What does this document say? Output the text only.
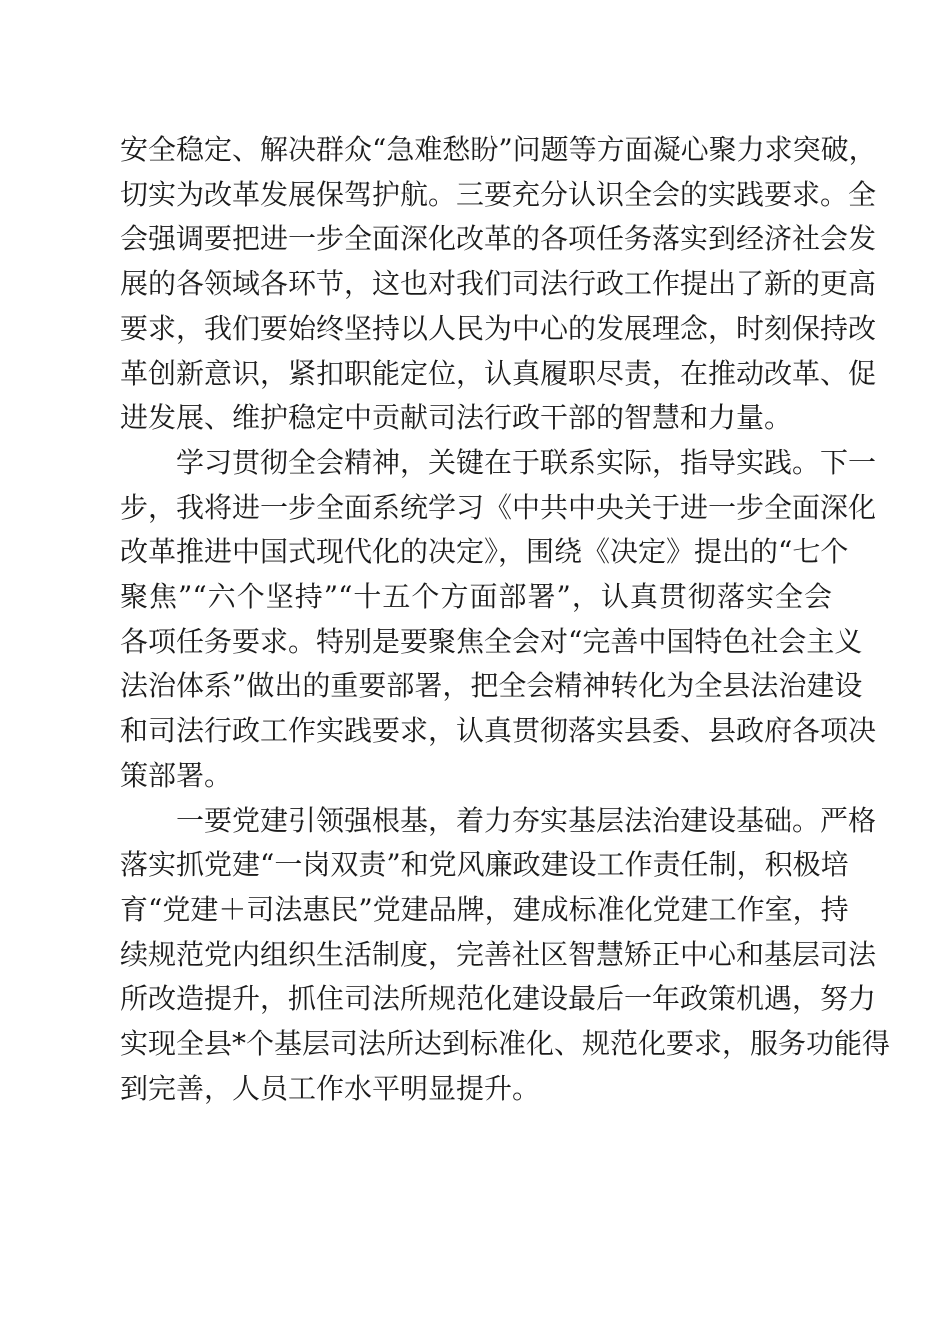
安全稳定、解决群众“急难愁盼”问题等方面凝心聚力求突破，
切实为改革发展保驾护航。三要充分认识全会的实践要求。全
会强调要把进一步全面深化改革的各项任务落实到经济社会发
展的各领域各环节，这也对我们司法行政工作提出了新的更高
要求，我们要始终坚持以人民为中心的发展理念，时刻保持改
革创新意识，紧扣职能定位，认真履职尽责，在推动改革、促
进发展、维护稳定中贡献司法行政干部的智慧和力量。

学习贯彻全会精神，关键在于联系实际，指导实践。下一
步，我将进一步全面系统学习《中共中央关于进一步全面深化
改革推进中国式现代化的决定》，围绕《决定》提出的“七个
聚焦”“六个坚持”“十五个方面部署”，认真贯彻落实全会
各项任务要求。特别是要聚焦全会对“完善中国特色社会主义
法治体系”做出的重要部署，把全会精神转化为全县法治建设
和司法行政工作实践要求，认真贯彻落实县委、县政府各项决
策部署。

一要党建引领强根基，着力夯实基层法治建设基础。严格
落实抓党建“一岗双责”和党风廉政建设工作责任制，积极培
育“党建＋司法惠民”党建品牌，建成标准化党建工作室，持
续规范党内组织生活制度，完善社区智慧矫正中心和基层司法
所改造提升，抓住司法所规范化建设最后一年政策机遇，努力
实现全县*个基层司法所达到标准化、规范化要求，服务功能得
到完善，人员工作水平明显提升。
